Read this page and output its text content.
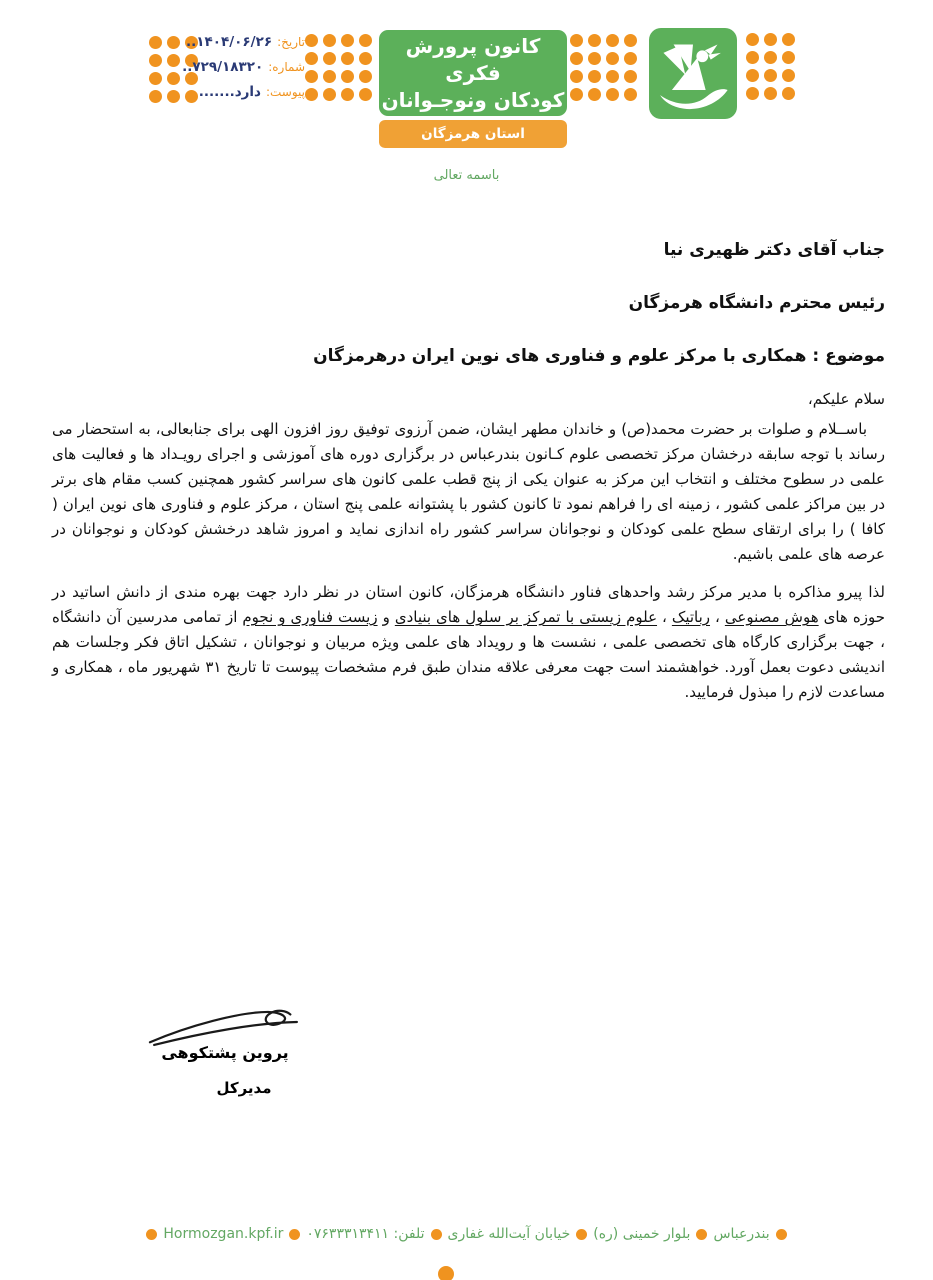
کانون پرورش فکری
کودکان ونوجـوانان
استان هرمزگان
تاریخ:
۱۴۰۴/۰۶/۲۶..
شماره:
۷۲۹/۱۸۳۲۰..
پیوست:
دارد.......
باسمه تعالی
جناب آقای دکتر ظهیری نیا
رئیس محترم دانشگاه هرمزگان
موضوع : همکاری با مرکز علوم و فناوری های نوین ایران درهرمزگان
سلام علیکم،

باســلام و صلوات بر حضرت محمد(ص) و خاندان مطهر ایشان، ضمن آرزوی توفیق روز افزون الهی برای جنابعالی، به استحضار می رساند با توجه سابقه درخشان مرکز تخصصی علوم کـانون بندرعباس در برگزاری دوره های آموزشی و اجرای رویـداد ها و فعالیت های علمی در سطوح مختلف و انتخاب این مرکز به عنوان یکی از پنج قطب علمی کانون های سراسر کشور همچنین کسب مقام های برتر در بین مراکز علمی کشور ، زمینه ای را فراهم نمود تا کانون کشور با پشتوانه علمی پنج استان ، مرکز علوم و فناوری های نوین ایران ( کافا ) را برای ارتقای سطح علمی کودکان و نوجوانان سراسر کشور راه اندازی نماید و امروز شاهد درخشش کودکان و نوجوانان در عرصه های علمی باشیم.

لذا پیرو مذاکره با مدیر مرکز رشد واحدهای فناور دانشگاه هرمزگان، کانون استان در نظر دارد جهت بهره مندی از دانش اساتید در حوزه های هوش مصنوعی ، رباتیک ، علوم زیستی با تمرکز بر سلول های بنیادی و زیست فناوری و نجوم از تمامی مدرسین آن دانشگاه ، جهت برگزاری کارگاه های تخصصی علمی ، نشست ها و رویداد های علمی ویژه مربیان و نوجوانان ، تشکیل اتاق فکر وجلسات هم اندیشی دعوت بعمل آورد. خواهشمند است جهت معرفی علاقه مندان طبق فرم مشخصات پیوست تا تاریخ ۳۱ شهریور ماه ، همکاری و مساعدت لازم را مبذول فرمایید.

پروین پشتکوهی
مدیرکل
بندرعباس
بلوار خمینی (ره)
خیابان آیت‌الله غفاری
تلفن: ۰۷۶۳۳۳۱۳۴۱۱
Hormozgan.kpf.ir
